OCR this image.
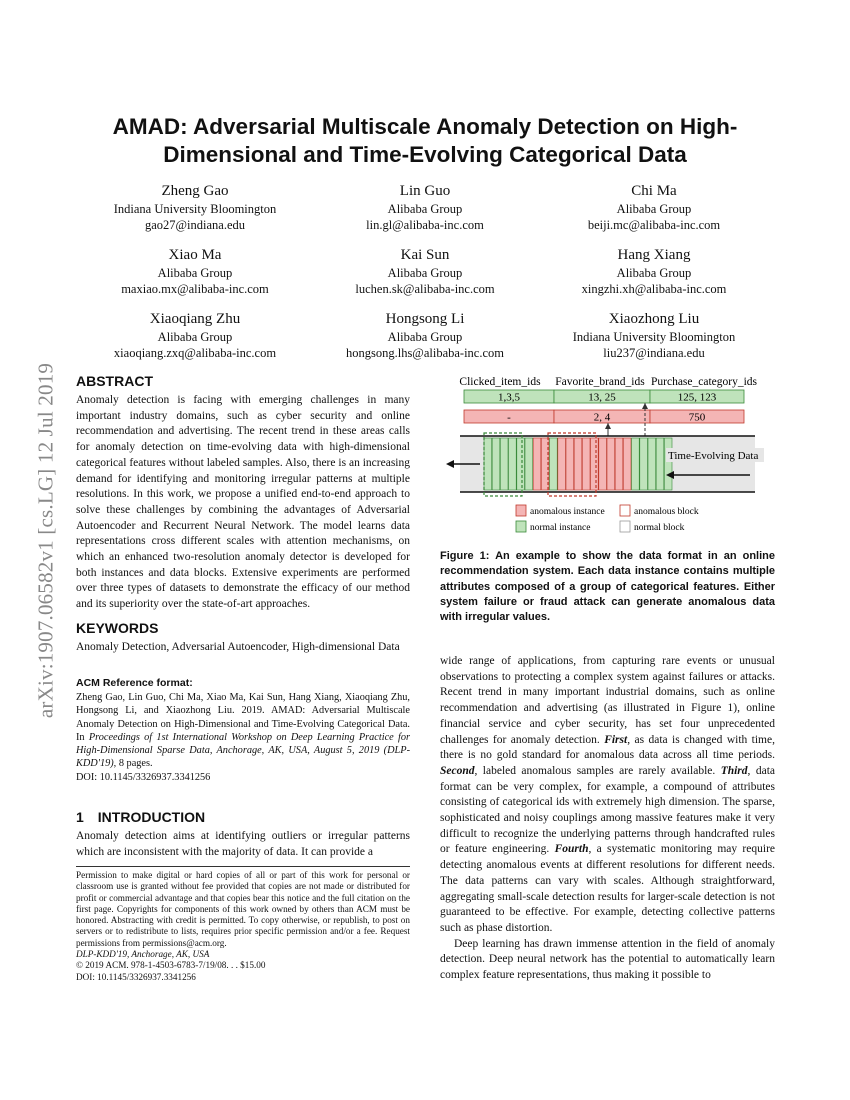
arXiv:1907.06582v1 [cs.LG] 12 Jul 2019
AMAD: Adversarial Multiscale Anomaly Detection on High-Dimensional and Time-Evolving Categorical Data
Zheng Gao
Indiana University Bloomington
gao27@indiana.edu
Lin Guo
Alibaba Group
lin.gl@alibaba-inc.com
Chi Ma
Alibaba Group
beiji.mc@alibaba-inc.com
Xiao Ma
Alibaba Group
maxiao.mx@alibaba-inc.com
Kai Sun
Alibaba Group
luchen.sk@alibaba-inc.com
Hang Xiang
Alibaba Group
xingzhi.xh@alibaba-inc.com
Xiaoqiang Zhu
Alibaba Group
xiaoqiang.zxq@alibaba-inc.com
Hongsong Li
Alibaba Group
hongsong.lhs@alibaba-inc.com
Xiaozhong Liu
Indiana University Bloomington
liu237@indiana.edu
ABSTRACT
Anomaly detection is facing with emerging challenges in many important industry domains, such as cyber security and online recommendation and advertising. The recent trend in these areas calls for anomaly detection on time-evolving data with high-dimensional categorical features without labeled samples. Also, there is an increasing demand for identifying and monitoring irregular patterns at multiple resolutions. In this work, we propose a unified end-to-end approach to solve these challenges by combining the advantages of Adversarial Autoencoder and Recurrent Neural Network. The model learns data representations cross different scales with attention mechanisms, on which an enhanced two-resolution anomaly detector is developed for both instances and data blocks. Extensive experiments are performed over three types of datasets to demonstrate the efficacy of our method and its superiority over the state-of-art approaches.
KEYWORDS
Anomaly Detection, Adversarial Autoencoder, High-dimensional Data
ACM Reference format:
Zheng Gao, Lin Guo, Chi Ma, Xiao Ma, Kai Sun, Hang Xiang, Xiaoqiang Zhu, Hongsong Li, and Xiaozhong Liu. 2019. AMAD: Adversarial Multiscale Anomaly Detection on High-Dimensional and Time-Evolving Categorical Data. In Proceedings of 1st International Workshop on Deep Learning Practice for High-Dimensional Sparse Data, Anchorage, AK, USA, August 5, 2019 (DLP-KDD'19), 8 pages.
DOI: 10.1145/3326937.3341256
1 INTRODUCTION
Anomaly detection aims at identifying outliers or irregular patterns which are inconsistent with the majority of data. It can provide a
Permission to make digital or hard copies of all or part of this work for personal or classroom use is granted without fee provided that copies are not made or distributed for profit or commercial advantage and that copies bear this notice and the full citation on the first page. Copyrights for components of this work owned by others than ACM must be honored. Abstracting with credit is permitted. To copy otherwise, or republish, to post on servers or to redistribute to lists, requires prior specific permission and/or a fee. Request permissions from permissions@acm.org.
DLP-KDD'19, Anchorage, AK, USA
© 2019 ACM. 978-1-4503-6783-7/19/08. . . $15.00
DOI: 10.1145/3326937.3341256
Clicked_item_ids Favorite_brand_ids Purchase_category_ids
1,3,5	13, 25	125, 123
-	2, 4	750
Time-Evolving Data
anomalous instance	anomalous block
normal instance	normal block
Figure 1: An example to show the data format in an online recommendation system. Each data instance contains multiple attributes composed of a group of categorical features. Either system failure or fraud attack can generate anomalous data with irregular values.

wide range of applications, from capturing rare events or unusual observations to protecting a complex system against failures or attacks. Recent trend in many important industrial domains, such as online recommendation and advertising (as illustrated in Figure 1), online financial service and cyber security, has set four unprecedented challenges for anomaly detection. First, as data is changed with time, there is no gold standard for anomalous data across all time periods. Second, labeled anomalous samples are rarely available. Third, data format can be very complex, for example, a compound of attributes consisting of categorical ids with extremely high dimension. The sparse, sophisticated and noisy couplings among massive features make it very difficult to recognize the underlying patterns through handcrafted rules or feature engineering. Fourth, a systematic monitoring may require detecting anomalous events at different resolutions for different needs. The data patterns can vary with scales. Although straightforward, aggregating small-scale detection results for larger-scale detection is not guaranteed to be effective. For example, detecting collective patterns such as phase distortion.

Deep learning has drawn immense attention in the field of anomaly detection. Deep neural network has the potential to automatically learn complex feature representations, thus making it possible to
